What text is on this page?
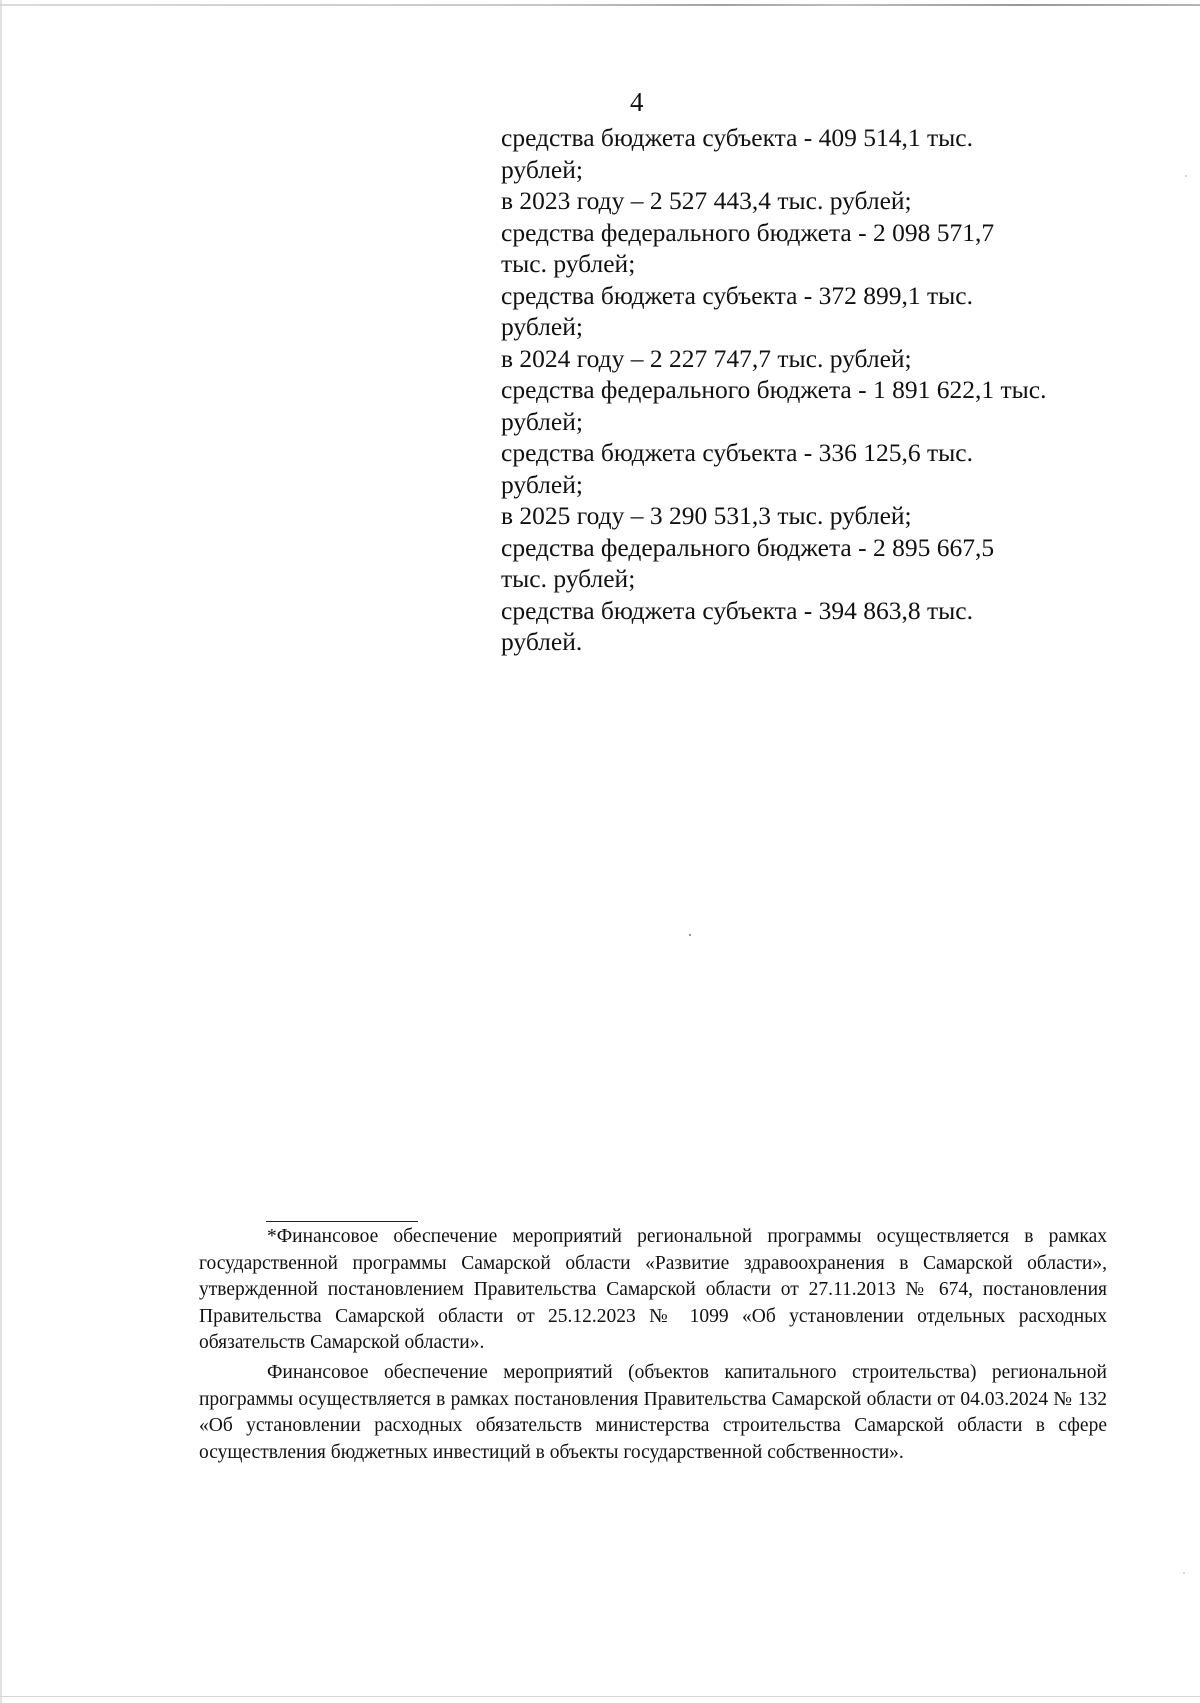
4
средства бюджета субъекта - 409 514,1 тыс.
рублей;
в 2023 году – 2 527 443,4 тыс. рублей;
средства федерального бюджета - 2 098 571,7
тыс. рублей;
средства бюджета субъекта - 372 899,1 тыс.
рублей;
в 2024 году – 2 227 747,7 тыс. рублей;
средства федерального бюджета - 1 891 622,1 тыс.
рублей;
средства бюджета субъекта - 336 125,6 тыс.
рублей;
в 2025 году – 3 290 531,3 тыс. рублей;
средства федерального бюджета - 2 895 667,5
тыс. рублей;
средства бюджета субъекта - 394 863,8 тыс.
рублей.

*Финансовое обеспечение мероприятий региональной программы осуществляется в рамках государственной программы Самарской области «Развитие здравоохранения в Самарской области», утвержденной постановлением Правительства Самарской области от 27.11.2013 № 674, постановления Правительства Самарской области от 25.12.2023 № 1099 «Об установлении отдельных расходных обязательств Самарской области».

Финансовое обеспечение мероприятий (объектов капитального строительства) региональной программы осуществляется в рамках постановления Правительства Самарской области от 04.03.2024 № 132 «Об установлении расходных обязательств министерства строительства Самарской области в сфере осуществления бюджетных инвестиций в объекты государственной собственности».
